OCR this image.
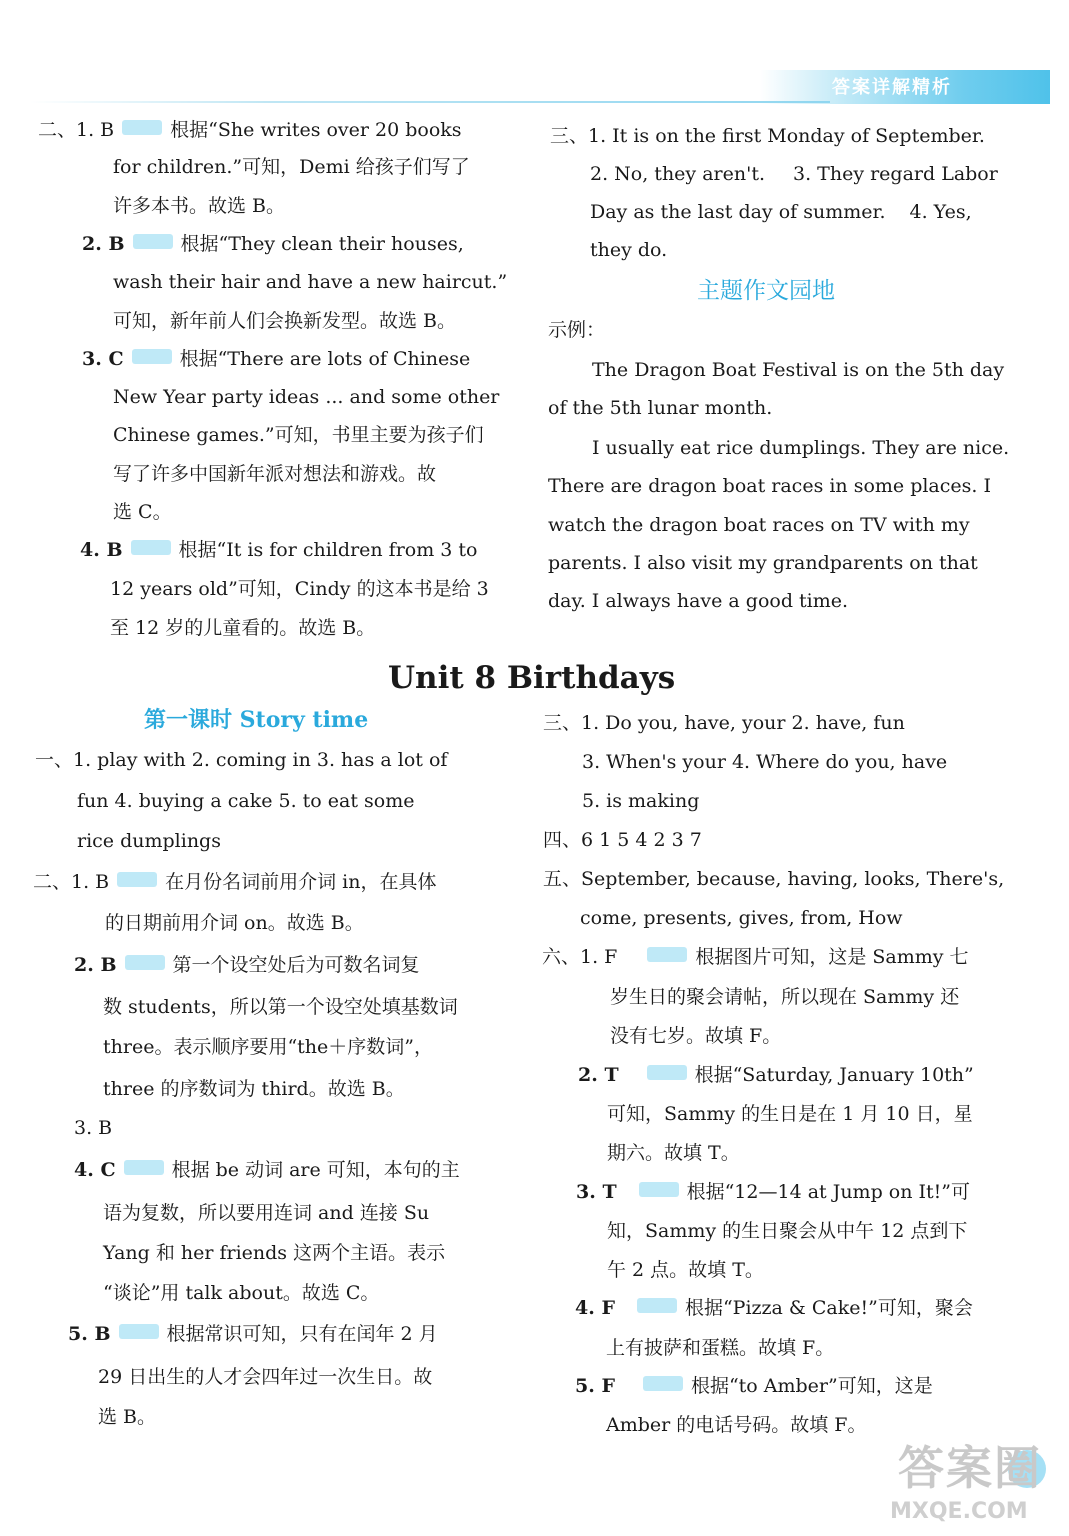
答案详解精析
二、1. B	根据“She writes over 20 books
for children.”可知，Demi 给孩子们写了
许多本书。故选 B。
2. B	根据“They clean their houses,
wash their hair and have a new haircut.”
可知，新年前人们会换新发型。故选 B。
3. C	根据“There are lots of Chinese
New Year party ideas ... and some other
Chinese games.”可知，书里主要为孩子们
写了许多中国新年派对想法和游戏。故
选 C。
4. B	根据“It is for children from 3 to
12 years old”可知，Cindy 的这本书是给 3
至 12 岁的儿童看的。故选 B。
三、1. It is on the first Monday of September.
2. No, they aren't. 3. They regard Labor
Day as the last day of summer. 4. Yes,
they do.
主题作文园地
示例：
The Dragon Boat Festival is on the 5th day
of the 5th lunar month.
I usually eat rice dumplings. They are nice.
There are dragon boat races in some places. I
watch the dragon boat races on TV with my
parents. I also visit my grandparents on that
day. I always have a good time.
Unit 8 Birthdays
第一课时 Story time
一、1. play with 2. coming in 3. has a lot of
fun 4. buying a cake 5. to eat some
rice dumplings
二、1. B	在月份名词前用介词 in，在具体
的日期前用介词 on。故选 B。
2. B	第一个设空处后为可数名词复
数 students，所以第一个设空处填基数词
three。表示顺序要用“the＋序数词”，
three 的序数词为 third。故选 B。
3. B
4. C	根据 be 动词 are 可知，本句的主
语为复数，所以要用连词 and 连接 Su
Yang 和 her friends 这两个主语。表示
“谈论”用 talk about。故选 C。
5. B	根据常识可知，只有在闰年 2 月
29 日出生的人才会四年过一次生日。故
选 B。
三、1. Do you, have, your 2. have, fun
3. When's your 4. Where do you, have
5. is making
四、6 1 5 4 2 3 7
五、September, because, having, looks, There's,
come, presents, gives, from, How
六、1. F	根据图片可知，这是 Sammy 七
岁生日的聚会请帖，所以现在 Sammy 还
没有七岁。故填 F。
2. T	根据“Saturday, January 10th”
可知，Sammy 的生日是在 1 月 10 日，星
期六。故填 T。
3. T	根据“12—14 at Jump on It!”可
知，Sammy 的生日聚会从中午 12 点到下
午 2 点。故填 T。
4. F	根据“Pizza & Cake!”可知，聚会
上有披萨和蛋糕。故填 F。
5. F	根据“to Amber”可知，这是
Amber 的电话号码。故填 F。
答案圈
MXQE.COM
